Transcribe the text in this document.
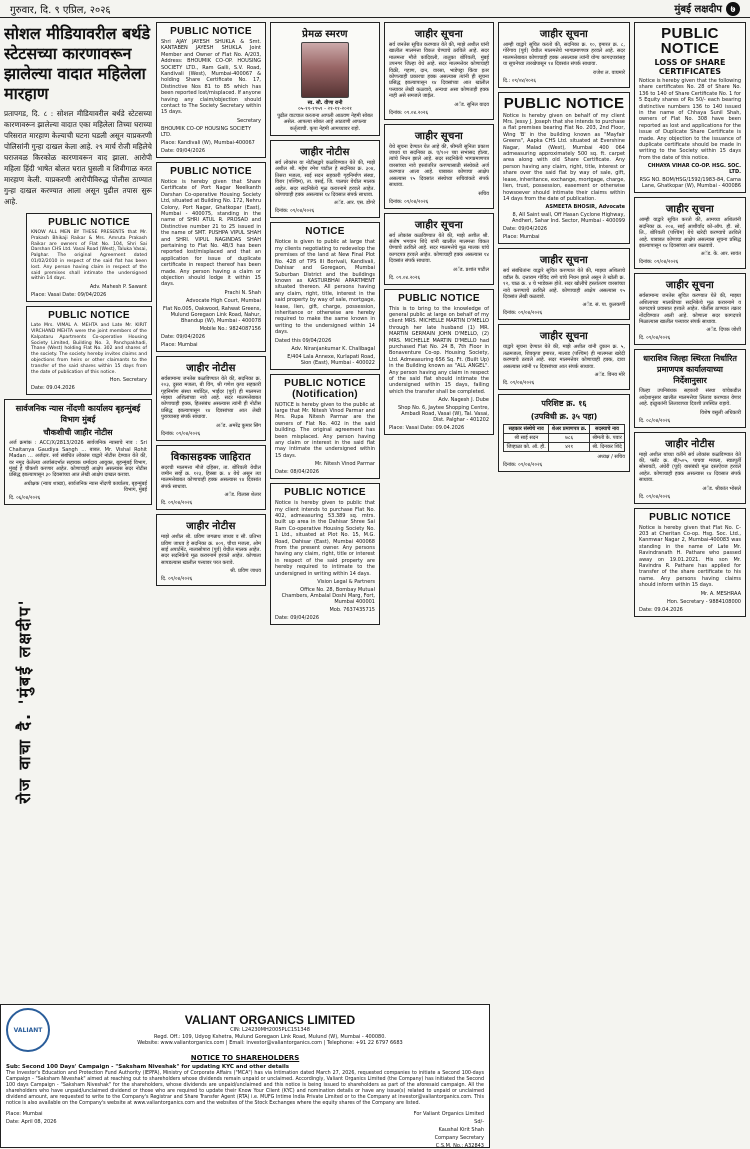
गुरुवार, दि. ९ एप्रिल, २०२६	मुंबई लक्षदीप ७
सोशल मीडियावरील बर्थडे स्टेटसच्या कारणावरून झालेल्या वादात महिलेला मारहाण
प्रतापगड, दि. ८ : सोशल मीडियावरील बर्थडे स्टेटसच्या कारणावरून झालेल्या वादात एका महिलेला तिच्या घराच्या परिसरात मारहाण केल्याची घटना घडली असून याप्रकरणी पोलिसांनी गुन्हा दाखल केला आहे. २९ मार्च रोजी महिलेचे घराजवळ किरकोळ कारणावरून वाद झाला. आरोपी महिला हिंदी भाषेत बोलत घरात घुसली व शिवीगाळ करत मारहाण केली. याप्रकरणी आरोपीविरुद्ध पोलीस ठाण्यात गुन्हा दाखल करण्यात आला असून पुढील तपास सुरू आहे.
PUBLIC NOTICE
KNOW ALL MEN BY THESE PRESENTS that Mr. Prakash Bhikaji Raikar & Mrs. Amruta Prakash Raikar are owners of Flat No. 104, Shri Sai Darshan CHS Ltd. Vasai Road (West), Taluka Vasai, Palghar. The original Agreement dated 01/02/2010 in respect of the said flat has been lost. Any person having claim in respect of the said premises shall intimate the undersigned within 14 days.
Adv. Mahesh P. Sawant
Place: Vasai Date: 09/04/2026
PUBLIC NOTICE
Late Mrs. VIMAL A. MEHTA and Late Mr. KIRIT VIRCHAND MEHTA were the joint members of the Kalpataru Apartments Co-operative Housing Society Limited, Building No. 3, Panchpakhadi, Thane (West) holding Flat No. 302 and shares of the society. The society hereby invites claims and objections from heirs or other claimants to the transfer of the said shares within 15 days from the date of publication of this notice.
Hon. Secretary
Date: 09.04.2026
सार्वजनिक न्यास नोंदणी कार्यालय बृहन्मुंबई विभाग मुंबई
चौकशीची जाहीर नोटीस
अर्ज क्रमांक : ACC/X/2813/2026 सार्वजनिक न्यासाचे नाव : Sri Chaitanya Gaudiya Sangh ... बाबत. Mr. Vishal Rohit Madan ... अर्जदार. सर्व संबंधित लोकांस याद्वारे नोटीस देण्यात येते की, वर नमूद केलेल्या अर्जासंदर्भात सहायक धर्मादाय आयुक्त, बृहन्मुंबई विभाग, मुंबई हे चौकशी करणार आहेत. कोणाचाही आक्षेप असल्यास सदर नोटीस प्रसिद्ध झाल्यापासून ३० दिवसांच्या आत लेखी आक्षेप दाखल करावा.
अधीक्षक (न्याय शाखा), सार्वजनिक न्यास नोंदणी कार्यालय, बृहन्मुंबई विभाग, मुंबई
दि. ०६/०४/२०२६
रोज वाचा दै. 'मुंबई लक्षदीप'
PUBLIC NOTICE
Shri AJAY JAYESH SHUKLA & Smt. KANTABEN JAYESH SHUKLA Joint Member and Owner of Flat No. A/203, Address: BHOUMIK CO-OP. HOUSING SOCIETY LTD., Ram Galli, S.V. Road, Kandivali (West), Mumbai-400067 & holding Share Certificate No. 17, Distinctive Nos 81 to 85 which has been reported lost/misplaced. If anyone having any claim/objection should contact to The Society Secretary within 15 days.
Secretary
BHOUMIK CO-OP HOUSING SOCIETY LTD.
Place: Kandivali (W), Mumbai-400067
Date: 09/04/2026
PUBLIC NOTICE
Notice is hereby given that Share Certificate of Port Nagar Neelkanth Darshan Co-operative Housing Society Ltd, situated at Building No. 172, Nehru Colony, Port Nagar, Ghatkopar (East), Mumbai - 400075, standing in the name of SHRI ATUL R. PROSAD and Distinctive number 21 to 25 issued in the name of SMT. PUSHPA VIPUL SHAH and SHRI. VIPUL NAGINDAS SHAH pertaining to Flat No. 4B/3 has been reported lost/misplaced and that an application for issue of duplicate certificate in respect thereof has been made. Any person having a claim or objection should lodge it within 15 days.
Prachi N. Shah
Advocate High Court, Mumbai
Flat No.005, Oakwood, Rahwat Greens, Mulund Goregaon Link Road, Nahur, Bhandup (W), Mumbai - 400078
Mobile No.: 9824087156
Date: 09/04/2026
Place: Mumbai
जाहीर नोटीस
सर्वसामान्य जनतेस कळविण्यात येते की, सदनिका क्र. २०३, दुसरा मजला, बी विंग, श्री गणेश कृपा सहकारी गृहनिर्माण संस्था मर्यादित, भाईंदर (पूर्व) ही मालमत्ता माझ्या अशिलांच्या नावे आहे. सदर मालमत्तेबाबत कोणाचाही हक्क, हितसंबंध असल्यास त्यांनी ही नोटीस प्रसिद्ध झाल्यापासून १४ दिवसांच्या आत लेखी पुराव्यासह संपर्क साधावा.
अॅड. अमरेंद्र कुमार सिंग
दिनांक: ०९/०४/२०२६
विकासहक्क जाहिरात
सदरची मालमत्ता मौजे दहिसर, ता. बोरिवली येथील जमीन सर्व्हे क्र. १२३, हिस्सा क्र. ४ येथे असून त्या मालमत्तेबाबत कोणाचाही हक्क असल्यास १४ दिवसांत संपर्क साधावा.
अॅड. विलास शेलार
दि. ०९/०४/२०२६
जाहीर नोटीस
माझे अशील श्री. प्रविण जगन्नाथ जाधव व सौ. प्रतिभा प्रविण जाधव हे सदनिका क्र. ४०१, चौथा मजला, ओम साई अपार्टमेंट, नालासोपारा (पूर्व) येथील मालक आहेत. सदर सदनिकेचे मूळ करारनामे हरवले आहेत. कोणाला सापडल्यास खालील पत्त्यावर परत करावे.
श्री. प्रविण जाधव
दि. ०९/०४/२०२६
प्रेमळ स्मरण
स्व. सौ. वीणा रानी
०५-११-१९५९ - २१-११-२०२१
पुढील वाटचाल करताना आपली आठवण नेहमी सोबत असेल. आपल्या सोबत आहे आठवणी आपल्या कर्तृत्वाची. कृपा नेहमी आमच्यावर राहो.
जाहीर नोटीस
सर्व लोकांस या नोटीसद्वारे कळविण्यात येते की, माझे अशील श्री. महेश रमेश पाटील हे सदनिका क्र. ३०४, तिसरा मजला, साई सदन सहकारी गृहनिर्माण संस्था, विरार (पश्चिम), ता. वसई, जि. पालघर येथील मालक आहेत. सदर सदनिकेचे मूळ करारनामे हरवले आहेत. कोणाचाही हक्क असल्यास १४ दिवसात संपर्क साधावा.
अॅड. आर. एस. डोंगरे
दिनांक: ०९/०४/२०२६
NOTICE
Notice is given to public at large that my clients negotiating to redevelop the premises of the land at New Final Plot No. 428 of TPS III Borivali, Kandivali, Dahisar and Goregaon, Mumbai Suburban District and the buildings known as KASTURBHAI APARTMENT situated thereon. All persons having any claim, right, title, interest in the said property by way of sale, mortgage, lease, lien, gift, charge, possession, inheritance or otherwise are hereby required to make the same known in writing to the undersigned within 14 days.
Dated this 09/04/2026
Adv. Niranjankumar K. Chalibagal
E/404 Lala Annexe, Kurlapati Road, Sion (East), Mumbai - 400022
PUBLIC NOTICE (Notification)
NOTICE is hereby given to the public at large that Mr. Nitesh Vinod Parmar and Mrs. Rupa Nitesh Parmar are the owners of Flat No. 402 in the said building. The original agreement has been misplaced. Any person having any claim or interest in the said flat may intimate the undersigned within 15 days.
Mr. Nitesh Vinod Parmar
Date: 08/04/2026
PUBLIC NOTICE
Notice is hereby given to public that my client intends to purchase Flat No. 402, admeasuring 53.389 sq. mtrs. built up area in the Dahisar Shree Sai Ram Co-operative Housing Society No. 1 Ltd., situated at Plot No. 15, M.G. Road, Dahisar (East), Mumbai 400068 from the present owner. Any persons having any claim, right, title or interest in respect of the said property are hereby required to intimate to the undersigned in writing within 14 days.
Vision Legal & Partners
Office No. 28, Bombay Mutual Chambers, Ambalal Doshi Marg, Fort, Mumbai 400001
Mob. 7637435715
Date: 09/04/2026
जाहीर सूचना
सर्व जनतेस सूचित करण्यात येते की, माझे अशील यांनी खालील मालमत्ता विकत घेण्याचे ठरविले आहे. सदर मालमत्ता मौजे कांदिवली, तालुका बोरिवली, मुंबई उपनगर जिल्हा येथे आहे. सदर मालमत्तेवर कोणाचाही विक्री, गहाण, दान, वारसा, भाडेपट्टा किंवा इतर कोणत्याही प्रकारचा हक्क असल्यास त्यांनी ही सूचना प्रसिद्ध झाल्यापासून १४ दिवसांच्या आत खालील पत्त्यावर लेखी कळवावे, अन्यथा असा कोणताही हक्क नाही असे समजले जाईल.
अॅड. सुनिल यादव
दिनांक: ०९.०४.२०२६
जाहीर सूचना
येथे सूचना देण्यात येत आहे की, श्रीमती सुनिता प्रकाश जाधव या सदनिका क्र. ए/१०२ च्या सभासद होत्या, त्यांचे निधन झाले आहे. सदर सदनिकेचे भागप्रमाणपत्र वारसांच्या नावे हस्तांतरित करण्यासाठी संस्थेकडे अर्ज करण्यात आला आहे. याबाबत कोणाचा आक्षेप असल्यास १५ दिवसांत संस्थेच्या सचिवांकडे संपर्क साधावा.
सचिव
दिनांक: ०९/०४/२०२६
जाहीर सूचना
सर्व लोकांस कळविण्यात येते की, माझे अशील श्री. संतोष भगवान शिंदे यांनी खालील मालमत्ता विकत घेण्याचे ठरविले आहे. सदर मालमत्तेचे मूळ मालक यांचे कागदपत्र हरवले आहेत. कोणाचाही हक्क असल्यास १४ दिवसांत संपर्क साधावा.
अॅड. प्रशांत पाटील
दि. ०९.०४.२०२६
PUBLIC NOTICE
This is to bring to the knowledge of general public at large on behalf of my client MRS. MICHELLE MARTIN D'MELLO through her late husband (1) MR. MARTIN GERMAIN JOHN D'MELLO, (2) MRS. MICHELLE MARTIN D'MELLO had purchased Flat No. 24 B, 7th Floor in Bonaventure Co-op. Housing Society, Ltd. Admeasuring 656 Sq. Ft. (Built Up) in the Building known as "ALL ANGEL". Any person having any claim in respect of the said flat should intimate the undersigned within 15 days, failing which the transfer shall be completed.
Adv. Nagesh J. Dube
Shop No. 6, Jaytee Shopping Centre, Ambadi Road, Vasai (W), Tal. Vasai, Dist. Palghar - 401202
Place: Vasai Date: 09.04.2026
जाहीर सूचना
आम्ही याद्वारे सूचित करतो की, सदनिका क्र. १०, इमारत क्र. ८, गोरेगाव (पूर्व) येथील मालमत्तेचे भागप्रमाणपत्र हरवले आहे. सदर मालमत्तेबाबत कोणाचाही हक्क असल्यास त्यांनी योग्य कागदपत्रांसह या सूचनेच्या तारखेपासून १४ दिवसांत संपर्क साधावा.
राजेश ल. वाघमारे
दि.: ०९/०४/२०२६
PUBLIC NOTICE
Notice is hereby given on behalf of my client Mrs. Jessy J. Joseph that she intends to purchase a flat premises bearing Flat No. 203, 2nd Floor, Wing 'B' in the building known as "Mayfair Greens", Aapka CHS Ltd. situated at Evershine Nagar, Malad (West), Mumbai 400 064 admeasuring approximately 500 sq. ft. carpet area along with old Share Certificate. Any person having any claim, right, title, interest or share over the said flat by way of sale, gift, lease, inheritance, exchange, mortgage, charge, lien, trust, possession, easement or otherwise howsoever should intimate their claims within 14 days from the date of publication.
ASMEETA BHOSIR, Advocate
8, All Saint wall, Off Hasan Cyclone Highway, Andheri, Sahar Ind. Sector, Mumbai - 400099
Date: 09/04/2026
Place: Mumbai
जाहीर सूचना
सर्व संबंधितांना याद्वारे सूचित करण्यात येते की, माझ्या अशिलाचे वडील कै. दत्ताराम गोविंद राणे यांचे निधन झाले असून ते खोली क्र. १२, चाळ क्र. ४ चे भाडेकरू होते. सदर खोलीचे हस्तांतरण वारसांच्या नावे करण्याचे ठरविले आहे. कोणाचाही आक्षेप असल्यास १५ दिवसांत लेखी कळवावे.
अॅड. सं. पा. कुलकर्णी
दिनांक: ०९/०४/२०२६
जाहीर सूचना
याद्वारे सूचना देण्यात येते की, माझे अशील यांनी दुकान क्र. ५, तळमजला, शिवकृपा इमारत, मालाड (पश्चिम) ही मालमत्ता खरेदी करण्याचे ठरवले आहे. सदर मालमत्तेवर कोणाचाही हक्क, दावा असल्यास त्यांनी १४ दिवसांच्या आत संपर्क साधावा.
अॅड. विनय मोरे
दि. ०९/०४/२०२६
परिशिष्ट क्र. १६
(उपविधी क्र. ३५ पहा)
सहकार संस्थेचे नाव	शेअर प्रमाणपत्र क्र.	सदस्याचे नाव
श्री साई सदन	७८६	श्रीमती के. पवार
जिव्हाळा को. ऑ. हौ.	४२१	श्री. दिनकर शिंदे
अध्यक्ष / सचिव
दिनांक: ०९/०४/२०२६
PUBLIC NOTICE
LOSS OF SHARE CERTIFICATES
Notice is hereby given that the following share certificates No. 28 of Share No. 136 to 140 of Share Certificate No. 1 for 5 Equity shares of Rs 50/- each bearing distinctive numbers 136 to 140 issued in the name of Chhaya Sunil Shah, owners of Flat No. 308 have been reported as lost and applications for the issue of Duplicate Share Certificate is made. Any objection to the issuance of duplicate certificate should be made in writing to the Society within 15 days from the date of this notice.
CHHAYA VIHAR CO-OP. HSG. SOC. LTD.
RSG NO. BOM/HSG/1592/1983-84, Cama Lane, Ghatkopar (W), Mumbai - 400086
जाहीर सूचना
आम्ही याद्वारे सूचित करतो की, आमच्या अशिलांनी सदनिका क्र. २०४, साई आशीर्वाद को-ऑप. हौ. सो. लि., बोरिवली (पश्चिम) येथे खरेदी करण्याचे ठरविले आहे. याबाबत कोणाचा आक्षेप असल्यास सूचना प्रसिद्ध झाल्यापासून १४ दिवसांच्या आत कळवावे.
अॅड. के. आर. सावंत
दिनांक: ०९/०४/२०२६
जाहीर सूचना
सर्वसामान्य जनतेस सूचित करण्यात येते की, माझ्या अशिलाच्या मालकीच्या सदनिकेचे मूळ करारनामे व कागदपत्रे प्रवासात हरवले आहेत. पोलीस ठाण्यात तक्रार नोंदविण्यात आली आहे. कोणाला सदर कागदपत्रे मिळाल्यास खालील पत्त्यावर संपर्क साधावा.
अॅड. दिपक जोशी
दि. ०९/०४/२०२६
धाराशिव जिल्हा स्थिरता निर्धारित प्रमाणपत्र कार्यालयाच्या निर्देशानुसार
जिल्हा उपनिबंधक सहकारी संस्था यांचेकडील आदेशानुसार खालील मालमत्तेचा लिलाव करण्यात येणार आहे. इच्छुकांनी लिलावाच्या दिवशी उपस्थित राहावे.
विशेष वसुली अधिकारी
दि. ०८/०४/२०२६
जाहीर नोटीस
माझे अशील यांच्या वतीने सर्व लोकांस कळविण्यात येते की, फ्लॅट क्र. बी/५०५, पाचवा मजला, स्वप्नपूर्ती सोसायटी, अंधेरी (पूर्व) यासंबंधी मूळ दस्तऐवज हरवले आहेत. कोणाचाही हक्क असल्यास १४ दिवसात संपर्क साधावा.
अॅड. श्रीकांत भोसले
दि. ०९/०४/२०२६
PUBLIC NOTICE
Notice is hereby given that Flat No. C-203 at Cheritan Co-op. Hsg. Soc. Ltd., Kanmwar Nagar 2, Mumbai-400083 was standing in the name of Late Mr. Ravindranath H. Pathare who passed away on 19.01.2021. His son Mr. Ravindra R. Pathare has applied for transfer of the share certificate to his name. Any persons having claims should inform within 15 days.
Mr. A. MESHRAA
Hon. Secretary - 9884108000
Date: 09.04.2026
VALIANT
VALIANT ORGANICS LIMITED
CIN: L24230MH2005PLC151348
Regd. Off.: 109, Udyog Kshetra, Mulund Goregaon Link Road, Mulund (W), Mumbai - 400080.
Website: www.valiantorganics.com | Email: investor@valiantorganics.com | Telephone: +91 22 6797 6683
NOTICE TO SHAREHOLDERS
Sub: Second 100 Days' Campaign - "Saksham Niveshak" for updating KYC and other details
The Investor's Education and Protection Fund Authority (IEPFA), Ministry of Corporate Affairs ("MCA") has via Intimation dated March 27, 2026, requested companies to initiate a Second 100-days Campaign - "Saksham Niveshak" aimed at reaching out to shareholders whose dividends remain unpaid or unclaimed. Accordingly, Valiant Organics Limited (the Company) has initiated the Second 100 days Campaign - "Saksham Niveshak" for the shareholders, whose dividends are unpaid/unclaimed and this notice is being issued to shareholders as part of the aforesaid campaign. All the shareholders who have unpaid/unclaimed dividend or those who are required to update their Know Your Client (KYC) and nomination details or have any issue(s) related to unpaid or unclaimed dividend amount, are requested to write to the Company's Registrar and Share Transfer Agent (RTA) i.e. MUFG Intime India Private Limited or to the Company at investor@valiantorganics.com. This notice is also available on the Company's website at www.valiantorganics.com and the websites of the Stock Exchanges where the equity shares of the Company are listed.
Place: Mumbai
Date: April 08, 2026
For Valiant Organics Limited
Sd/-
Kaushal Kirit Shah
Company Secretary
C.S.M. No.: A32843
